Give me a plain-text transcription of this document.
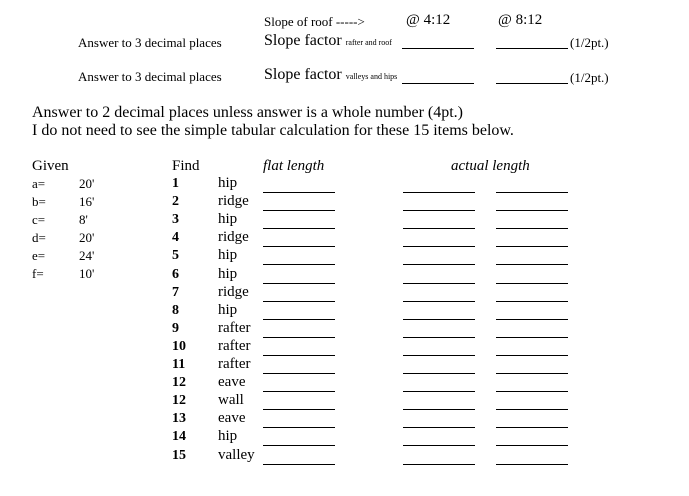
Slope of roof ----->	@ 4:12	@ 8:12
Answer to 3 decimal places	Slope factor rafter and roof	(1/2pt.)
Answer to 3 decimal places	Slope factor valleys and hips	(1/2pt.)
Answer to 2 decimal places unless answer is a whole number (4pt.)
I do not need to see the simple tabular calculation for these 15 items below.
Given	Find	flat length	actual length
a=	20'
b=	16'
c=	8'
d=	20'
e=	24'
f=	10'
1	hip
2	ridge
3	hip
4	ridge
5	hip
6	hip
7	ridge
8	hip
9	rafter
10 rafter
11 rafter
12 eave
12 wall
13 eave
14 hip
15 valley
